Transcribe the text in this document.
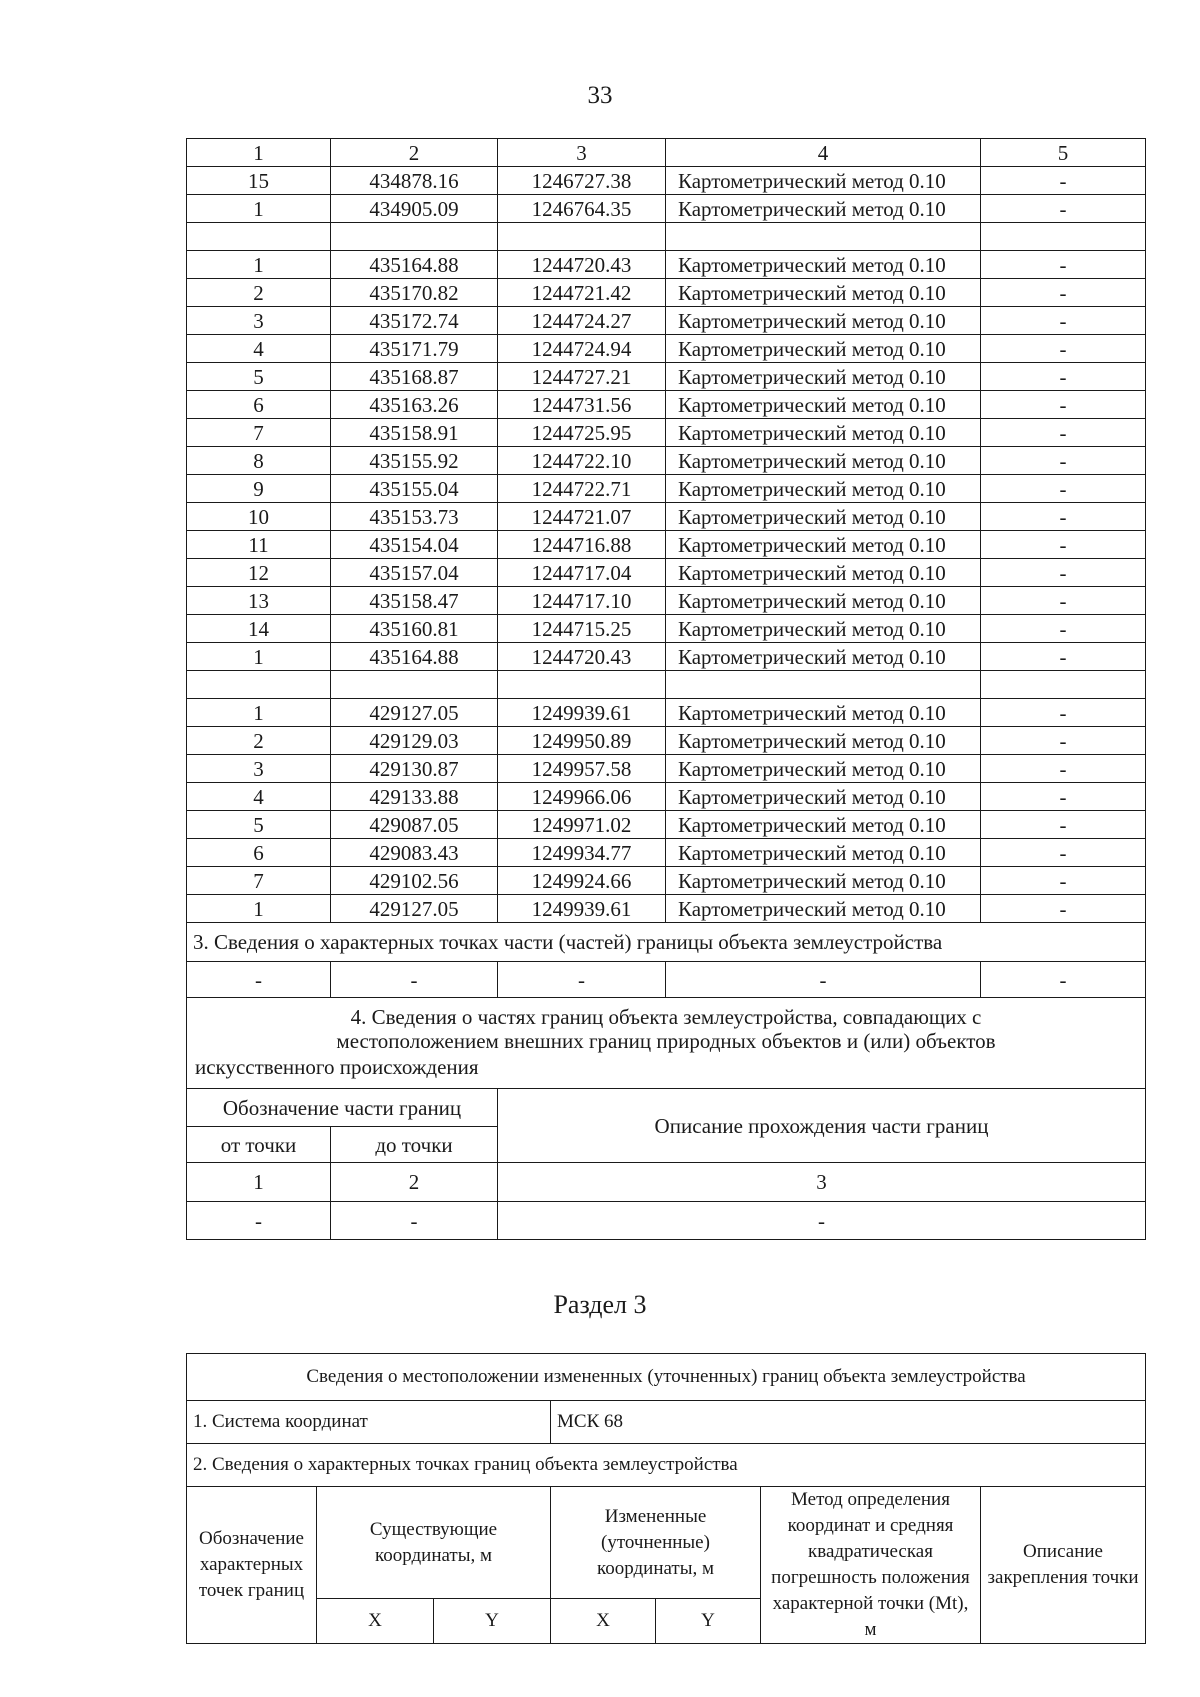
33
1	2	3	4	5
15	434878.16	1246727.38	Картометрический метод 0.10	-
1	434905.09	1246764.35	Картометрический метод 0.10	-

1	435164.88	1244720.43	Картометрический метод 0.10	-
2	435170.82	1244721.42	Картометрический метод 0.10	-
3	435172.74	1244724.27	Картометрический метод 0.10	-
4	435171.79	1244724.94	Картометрический метод 0.10	-
5	435168.87	1244727.21	Картометрический метод 0.10	-
6	435163.26	1244731.56	Картометрический метод 0.10	-
7	435158.91	1244725.95	Картометрический метод 0.10	-
8	435155.92	1244722.10	Картометрический метод 0.10	-
9	435155.04	1244722.71	Картометрический метод 0.10	-
10	435153.73	1244721.07	Картометрический метод 0.10	-
11	435154.04	1244716.88	Картометрический метод 0.10	-
12	435157.04	1244717.04	Картометрический метод 0.10	-
13	435158.47	1244717.10	Картометрический метод 0.10	-
14	435160.81	1244715.25	Картометрический метод 0.10	-
1	435164.88	1244720.43	Картометрический метод 0.10	-

1	429127.05	1249939.61	Картометрический метод 0.10	-
2	429129.03	1249950.89	Картометрический метод 0.10	-
3	429130.87	1249957.58	Картометрический метод 0.10	-
4	429133.88	1249966.06	Картометрический метод 0.10	-
5	429087.05	1249971.02	Картометрический метод 0.10	-
6	429083.43	1249934.77	Картометрический метод 0.10	-
7	429102.56	1249924.66	Картометрический метод 0.10	-
1	429127.05	1249939.61	Картометрический метод 0.10	-
3. Сведения о характерных точках части (частей) границы объекта землеустройства				
-	-	-	-	-

4. Сведения о частях границ объекта землеустройства, совпадающих с
местоположением внешних границ природных объектов и (или) объектов
искусственного происхождения				

Обозначение части границ		Описание прохождения части границ		
от точки	до точки			
1	2	3		
-	-	-		
Раздел 3
Сведения о местоположении измененных (уточненных) границ объекта землеустройства						
1. Система координат			МСК 68			
2. Сведения о характерных точках границ объекта землеустройства						
Обозначение характерных точек границ	Существующие координаты, м		Измененные (уточненные) координаты, м		Метод определения координат и средняя квадратическая погрешность положения характерной точки (Mt), м	Описание закрепления точки
	X	Y	X	Y		
